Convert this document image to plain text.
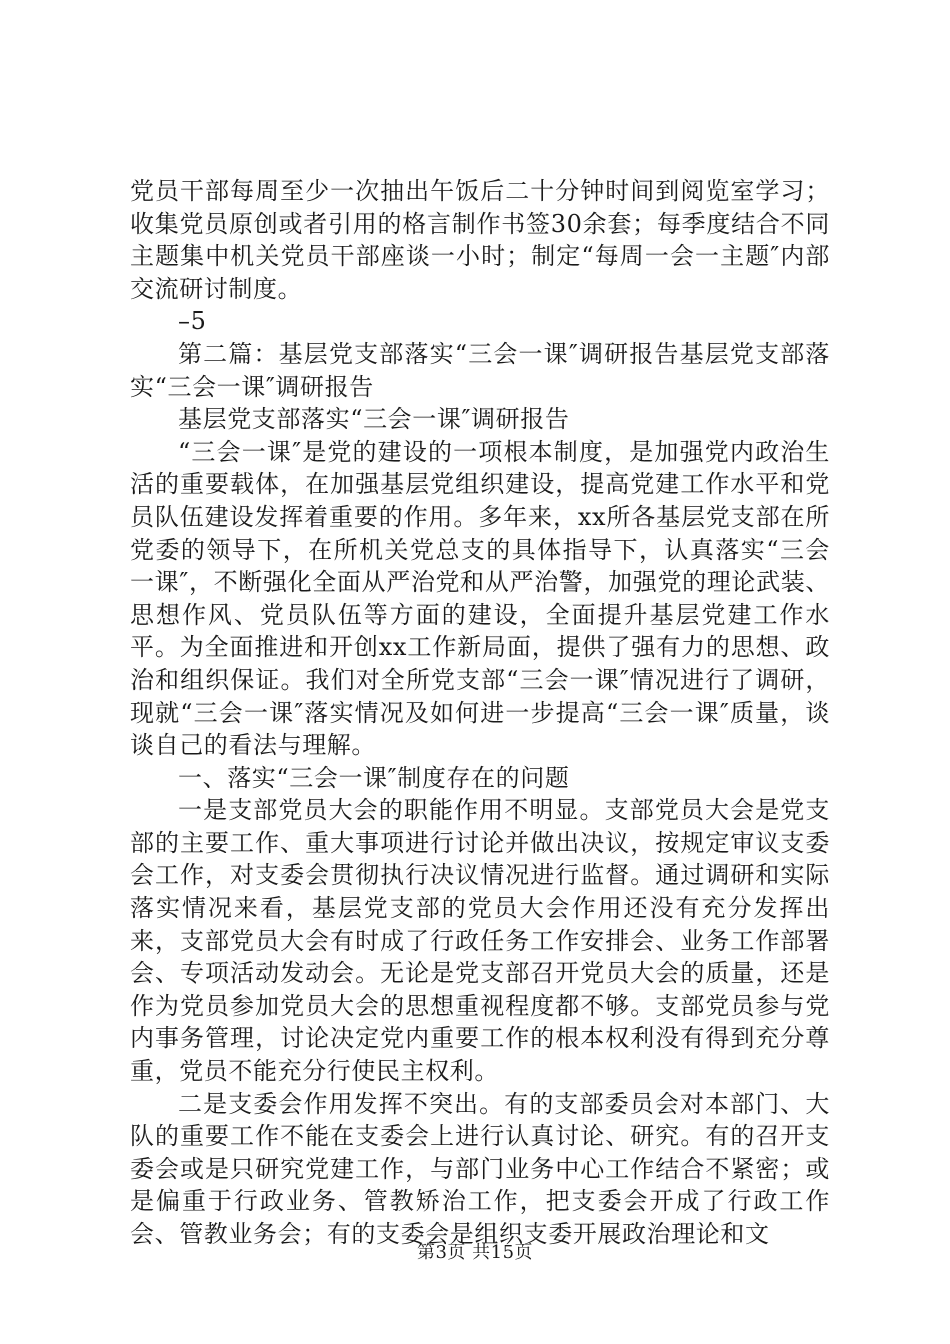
党员干部每周至少一次抽出午饭后二十分钟时间到阅览室学习；收集党员原创或者引用的格言制作书签30余套；每季度结合不同主题集中机关党员干部座谈一小时；制定“每周一会一主题″内部交流研讨制度。

–5

第二篇：基层党支部落实“三会一课″调研报告基层党支部落实“三会一课″调研报告

基层党支部落实“三会一课″调研报告

“三会一课″是党的建设的一项根本制度，是加强党内政治生活的重要载体，在加强基层党组织建设，提高党建工作水平和党员队伍建设发挥着重要的作用。多年来，xx所各基层党支部在所党委的领导下，在所机关党总支的具体指导下，认真落实“三会一课″，不断强化全面从严治党和从严治警，加强党的理论武装、思想作风、党员队伍等方面的建设，全面提升基层党建工作水平。为全面推进和开创xx工作新局面，提供了强有力的思想、政治和组织保证。我们对全所党支部“三会一课″情况进行了调研，现就“三会一课″落实情况及如何进一步提高“三会一课″质量，谈谈自己的看法与理解。

一、落实“三会一课″制度存在的问题

一是支部党员大会的职能作用不明显。支部党员大会是党支部的主要工作、重大事项进行讨论并做出决议，按规定审议支委会工作，对支委会贯彻执行决议情况进行监督。通过调研和实际落实情况来看，基层党支部的党员大会作用还没有充分发挥出来，支部党员大会有时成了行政任务工作安排会、业务工作部署会、专项活动发动会。无论是党支部召开党员大会的质量，还是作为党员参加党员大会的思想重视程度都不够。支部党员参与党内事务管理，讨论决定党内重要工作的根本权利没有得到充分尊重，党员不能充分行使民主权利。

二是支委会作用发挥不突出。有的支部委员会对本部门、大队的重要工作不能在支委会上进行认真讨论、研究。有的召开支委会或是只研究党建工作，与部门业务中心工作结合不紧密；或是偏重于行政业务、管教矫治工作，把支委会开成了行政工作会、管教业务会；有的支委会是组织支委开展政治理论和文

第3页 共15页
